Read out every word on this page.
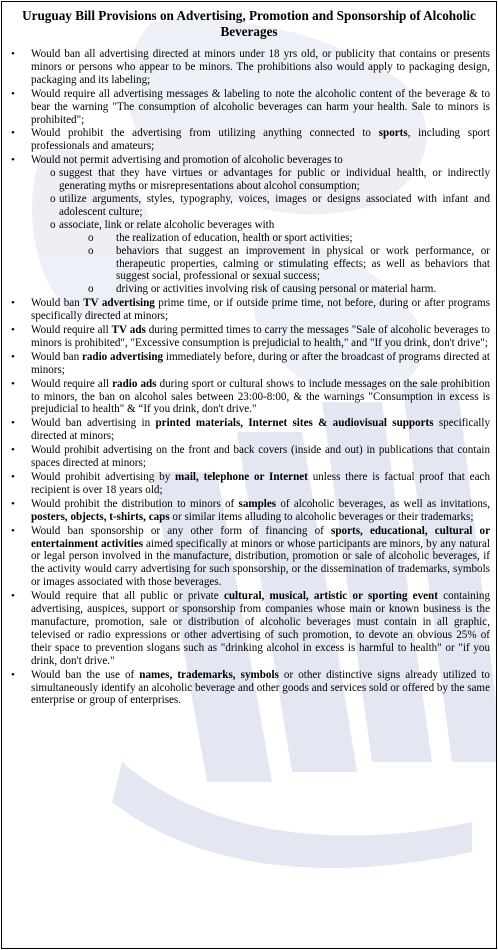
Uruguay Bill Provisions on Advertising, Promotion and Sponsorship of Alcoholic Beverages
• Would ban all advertising directed at minors under 18 yrs old, or publicity that contains or presents minors or persons who appear to be minors. The prohibitions also would apply to packaging design, packaging and its labeling;
• Would require all advertising messages & labeling to note the alcoholic content of the beverage & to bear the warning "The consumption of alcoholic beverages can harm your health. Sale to minors is prohibited";
• Would prohibit the advertising from utilizing anything connected to sports, including sport professionals and amateurs;
• Would not permit advertising and promotion of alcoholic beverages to
o suggest that they have virtues or advantages for public or individual health, or indirectly generating myths or misrepresentations about alcohol consumption;
o utilize arguments, styles, typography, voices, images or designs associated with infant and adolescent culture;
o associate, link or relate alcoholic beverages with
o the realization of education, health or sport activities;
o behaviors that suggest an improvement in physical or work performance, or therapeutic properties, calming or stimulating effects; as well as behaviors that suggest social, professional or sexual success;
o driving or activities involving risk of causing personal or material harm.
• Would ban TV advertising prime time, or if outside prime time, not before, during or after programs specifically directed at minors;
• Would require all TV ads during permitted times to carry the messages "Sale of alcoholic beverages to minors is prohibited", "Excessive consumption is prejudicial to health," and "If you drink, don't drive";
• Would ban radio advertising immediately before, during or after the broadcast of programs directed at minors;
• Would require all radio ads during sport or cultural shows to include messages on the sale prohibition to minors, the ban on alcohol sales between 23:00-8:00, & the warnings "Consumption in excess is prejudicial to health" & “If you drink, don't drive."
• Would ban advertising in printed materials, Internet sites & audiovisual supports specifically directed at minors;
• Would prohibit advertising on the front and back covers (inside and out) in publications that contain spaces directed at minors;
• Would prohibit advertising by mail, telephone or Internet unless there is factual proof that each recipient is over 18 years old;
• Would prohibit the distribution to minors of samples of alcoholic beverages, as well as invitations, posters, objects, t-shirts, caps or similar items alluding to alcoholic beverages or their trademarks;
• Would ban sponsorship or any other form of financing of sports, educational, cultural or entertainment activities aimed specifically at minors or whose participants are minors, by any natural or legal person involved in the manufacture, distribution, promotion or sale of alcoholic beverages, if the activity would carry advertising for such sponsorship, or the dissemination of trademarks, symbols or images associated with those beverages.
• Would require that all public or private cultural, musical, artistic or sporting event containing advertising, auspices, support or sponsorship from companies whose main or known business is the manufacture, promotion, sale or distribution of alcoholic beverages must contain in all graphic, televised or radio expressions or other advertising of such promotion, to devote an obvious 25% of their space to prevention slogans such as "drinking alcohol in excess is harmful to health" or "if you drink, don't drive."
• Would ban the use of names, trademarks, symbols or other distinctive signs already utilized to simultaneously identify an alcoholic beverage and other goods and services sold or offered by the same enterprise or group of enterprises.
